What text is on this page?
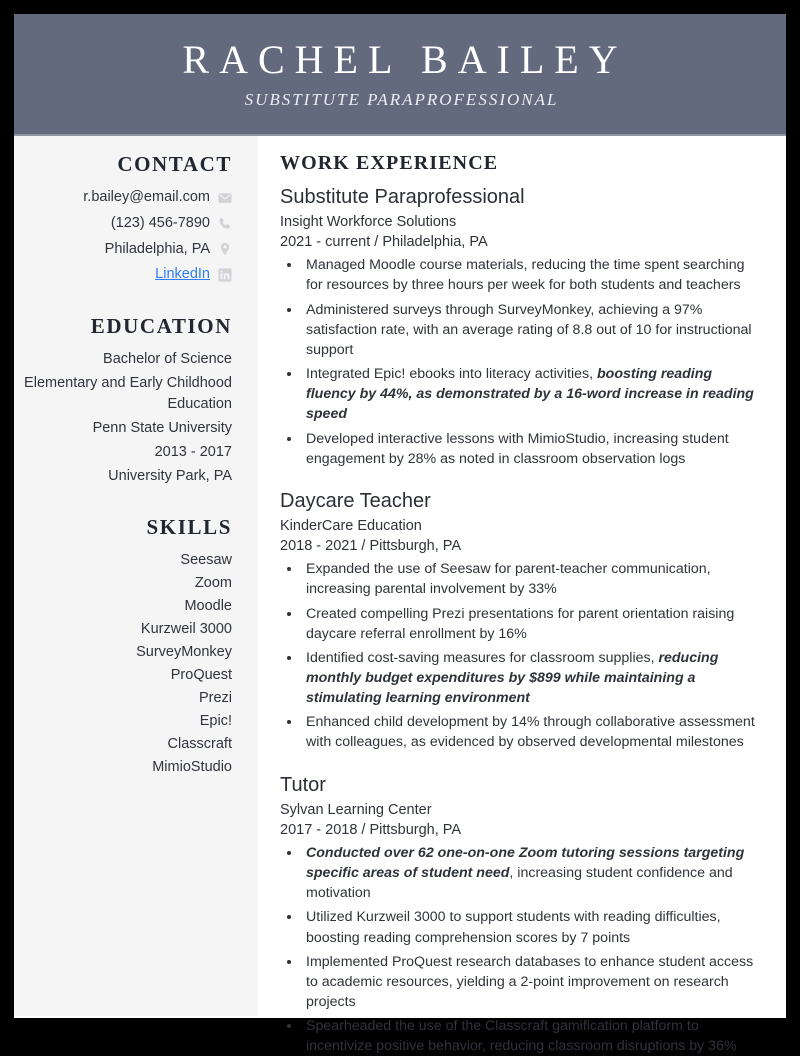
RACHEL BAILEY
SUBSTITUTE PARAPROFESSIONAL
CONTACT
r.bailey@email.com
(123) 456-7890
Philadelphia, PA
LinkedIn
EDUCATION
Bachelor of Science
Elementary and Early Childhood Education
Penn State University
2013 - 2017
University Park, PA
SKILLS
Seesaw
Zoom
Moodle
Kurzweil 3000
SurveyMonkey
ProQuest
Prezi
Epic!
Classcraft
MimioStudio
WORK EXPERIENCE
Substitute Paraprofessional
Insight Workforce Solutions
2021 - current / Philadelphia, PA
• Managed Moodle course materials, reducing the time spent searching for resources by three hours per week for both students and teachers
• Administered surveys through SurveyMonkey, achieving a 97% satisfaction rate, with an average rating of 8.8 out of 10 for instructional support
• Integrated Epic! ebooks into literacy activities, boosting reading fluency by 44%, as demonstrated by a 16-word increase in reading speed
• Developed interactive lessons with MimioStudio, increasing student engagement by 28% as noted in classroom observation logs
Daycare Teacher
KinderCare Education
2018 - 2021 / Pittsburgh, PA
• Expanded the use of Seesaw for parent-teacher communication, increasing parental involvement by 33%
• Created compelling Prezi presentations for parent orientation raising daycare referral enrollment by 16%
• Identified cost-saving measures for classroom supplies, reducing monthly budget expenditures by $899 while maintaining a stimulating learning environment
• Enhanced child development by 14% through collaborative assessment with colleagues, as evidenced by observed developmental milestones
Tutor
Sylvan Learning Center
2017 - 2018 / Pittsburgh, PA
• Conducted over 62 one-on-one Zoom tutoring sessions targeting specific areas of student need, increasing student confidence and motivation
• Utilized Kurzweil 3000 to support students with reading difficulties, boosting reading comprehension scores by 7 points
• Implemented ProQuest research databases to enhance student access to academic resources, yielding a 2-point improvement on research projects
• Spearheaded the use of the Classcraft gamification platform to incentivize positive behavior, reducing classroom disruptions by 36%
